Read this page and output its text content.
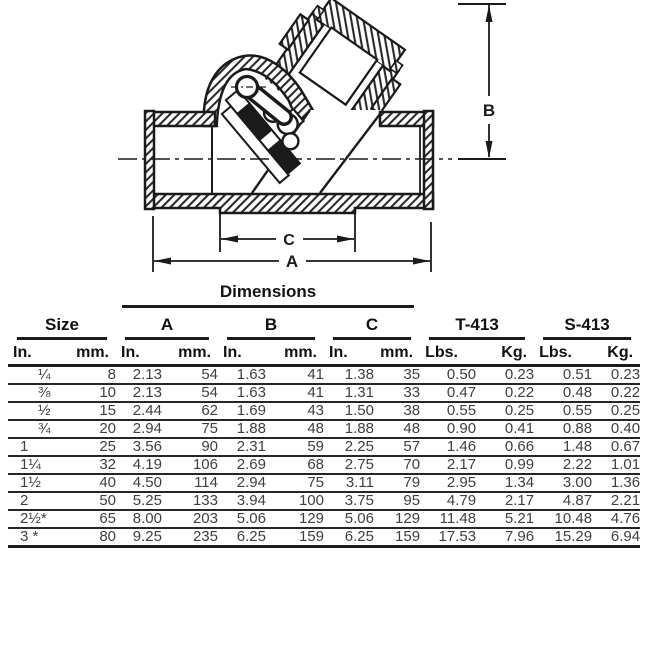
B
C
A

		Dimensions									

Size		A		B		C		T-413		S-413	

In.	mm.	In.	mm.	In.	mm.	In.	mm.	Lbs.	Kg.	Lbs.	Kg.
¼	8	2.13	54	1.63	41	1.38	35	0.50	0.23	0.51	0.23
⅜	10	2.13	54	1.63	41	1.31	33	0.47	0.22	0.48	0.22
½	15	2.44	62	1.69	43	1.50	38	0.55	0.25	0.55	0.25
¾	20	2.94	75	1.88	48	1.88	48	0.90	0.41	0.88	0.40
1	25	3.56	90	2.31	59	2.25	57	1.46	0.66	1.48	0.67
1¼	32	4.19	106	2.69	68	2.75	70	2.17	0.99	2.22	1.01
1½	40	4.50	114	2.94	75	3.11	79	2.95	1.34	3.00	1.36
2	50	5.25	133	3.94	100	3.75	95	4.79	2.17	4.87	2.21
2½*	65	8.00	203	5.06	129	5.06	129	11.48	5.21	10.48	4.76
3 *	80	9.25	235	6.25	159	6.25	159	17.53	7.96	15.29	6.94
